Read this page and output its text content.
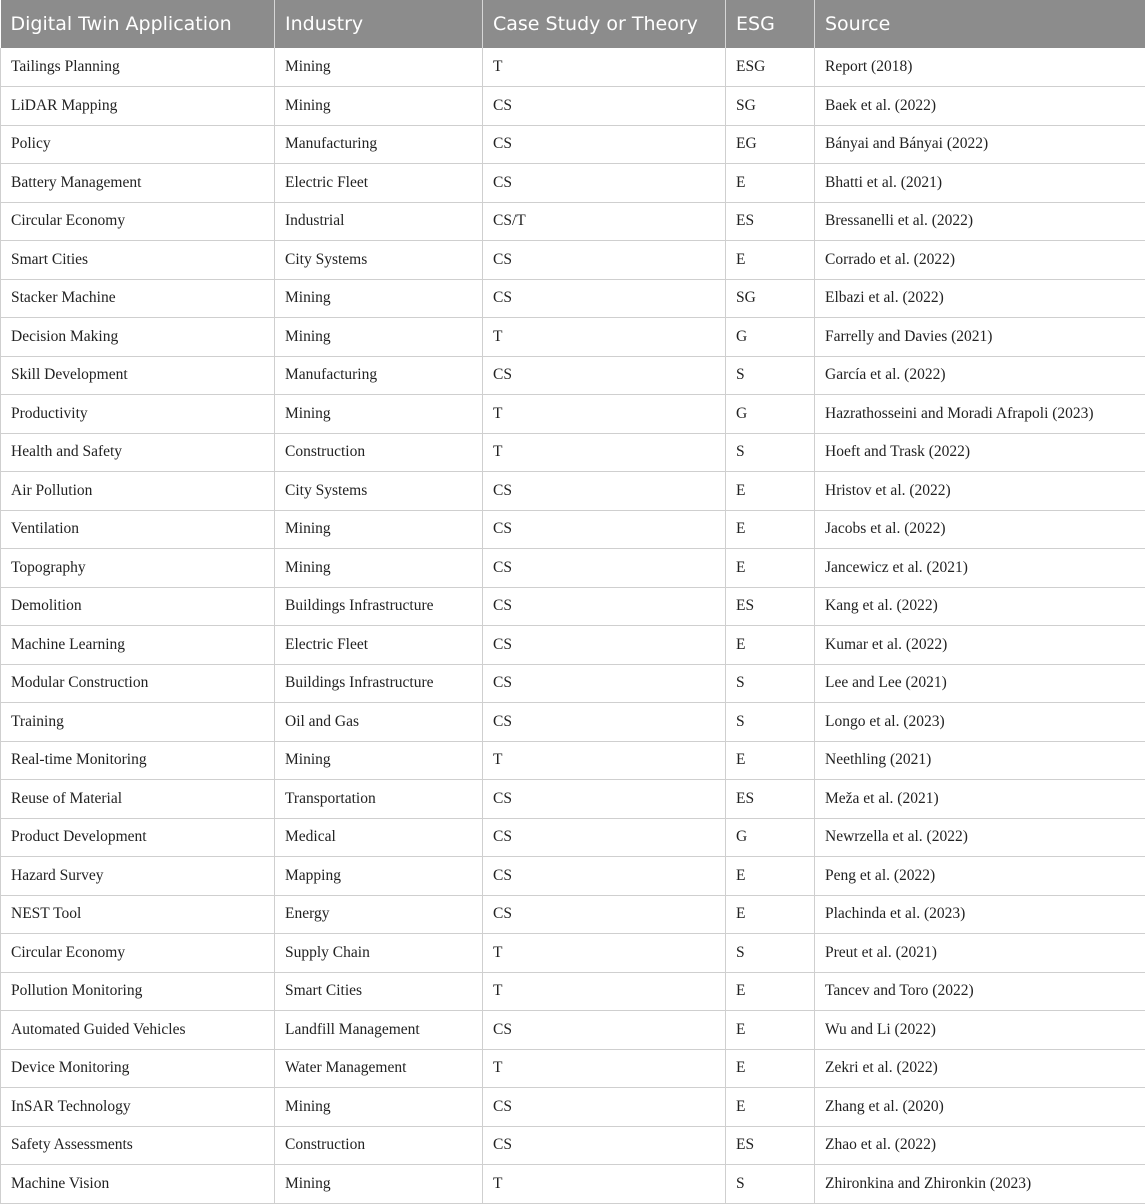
Digital Twin Application	Industry	Case Study or Theory	ESG	Source
Tailings Planning	Mining	T	ESG	Report (2018)
LiDAR Mapping	Mining	CS	SG	Baek et al. (2022)
Policy	Manufacturing	CS	EG	Bányai and Bányai (2022)
Battery Management	Electric Fleet	CS	E	Bhatti et al. (2021)
Circular Economy	Industrial	CS/T	ES	Bressanelli et al. (2022)
Smart Cities	City Systems	CS	E	Corrado et al. (2022)
Stacker Machine	Mining	CS	SG	Elbazi et al. (2022)
Decision Making	Mining	T	G	Farrelly and Davies (2021)
Skill Development	Manufacturing	CS	S	García et al. (2022)
Productivity	Mining	T	G	Hazrathosseini and Moradi Afrapoli (2023)
Health and Safety	Construction	T	S	Hoeft and Trask (2022)
Air Pollution	City Systems	CS	E	Hristov et al. (2022)
Ventilation	Mining	CS	E	Jacobs et al. (2022)
Topography	Mining	CS	E	Jancewicz et al. (2021)
Demolition	Buildings Infrastructure	CS	ES	Kang et al. (2022)
Machine Learning	Electric Fleet	CS	E	Kumar et al. (2022)
Modular Construction	Buildings Infrastructure	CS	S	Lee and Lee (2021)
Training	Oil and Gas	CS	S	Longo et al. (2023)
Real-time Monitoring	Mining	T	E	Neethling (2021)
Reuse of Material	Transportation	CS	ES	Meža et al. (2021)
Product Development	Medical	CS	G	Newrzella et al. (2022)
Hazard Survey	Mapping	CS	E	Peng et al. (2022)
NEST Tool	Energy	CS	E	Plachinda et al. (2023)
Circular Economy	Supply Chain	T	S	Preut et al. (2021)
Pollution Monitoring	Smart Cities	T	E	Tancev and Toro (2022)
Automated Guided Vehicles	Landfill Management	CS	E	Wu and Li (2022)
Device Monitoring	Water Management	T	E	Zekri et al. (2022)
InSAR Technology	Mining	CS	E	Zhang et al. (2020)
Safety Assessments	Construction	CS	ES	Zhao et al. (2022)
Machine Vision	Mining	T	S	Zhironkina and Zhironkin (2023)
